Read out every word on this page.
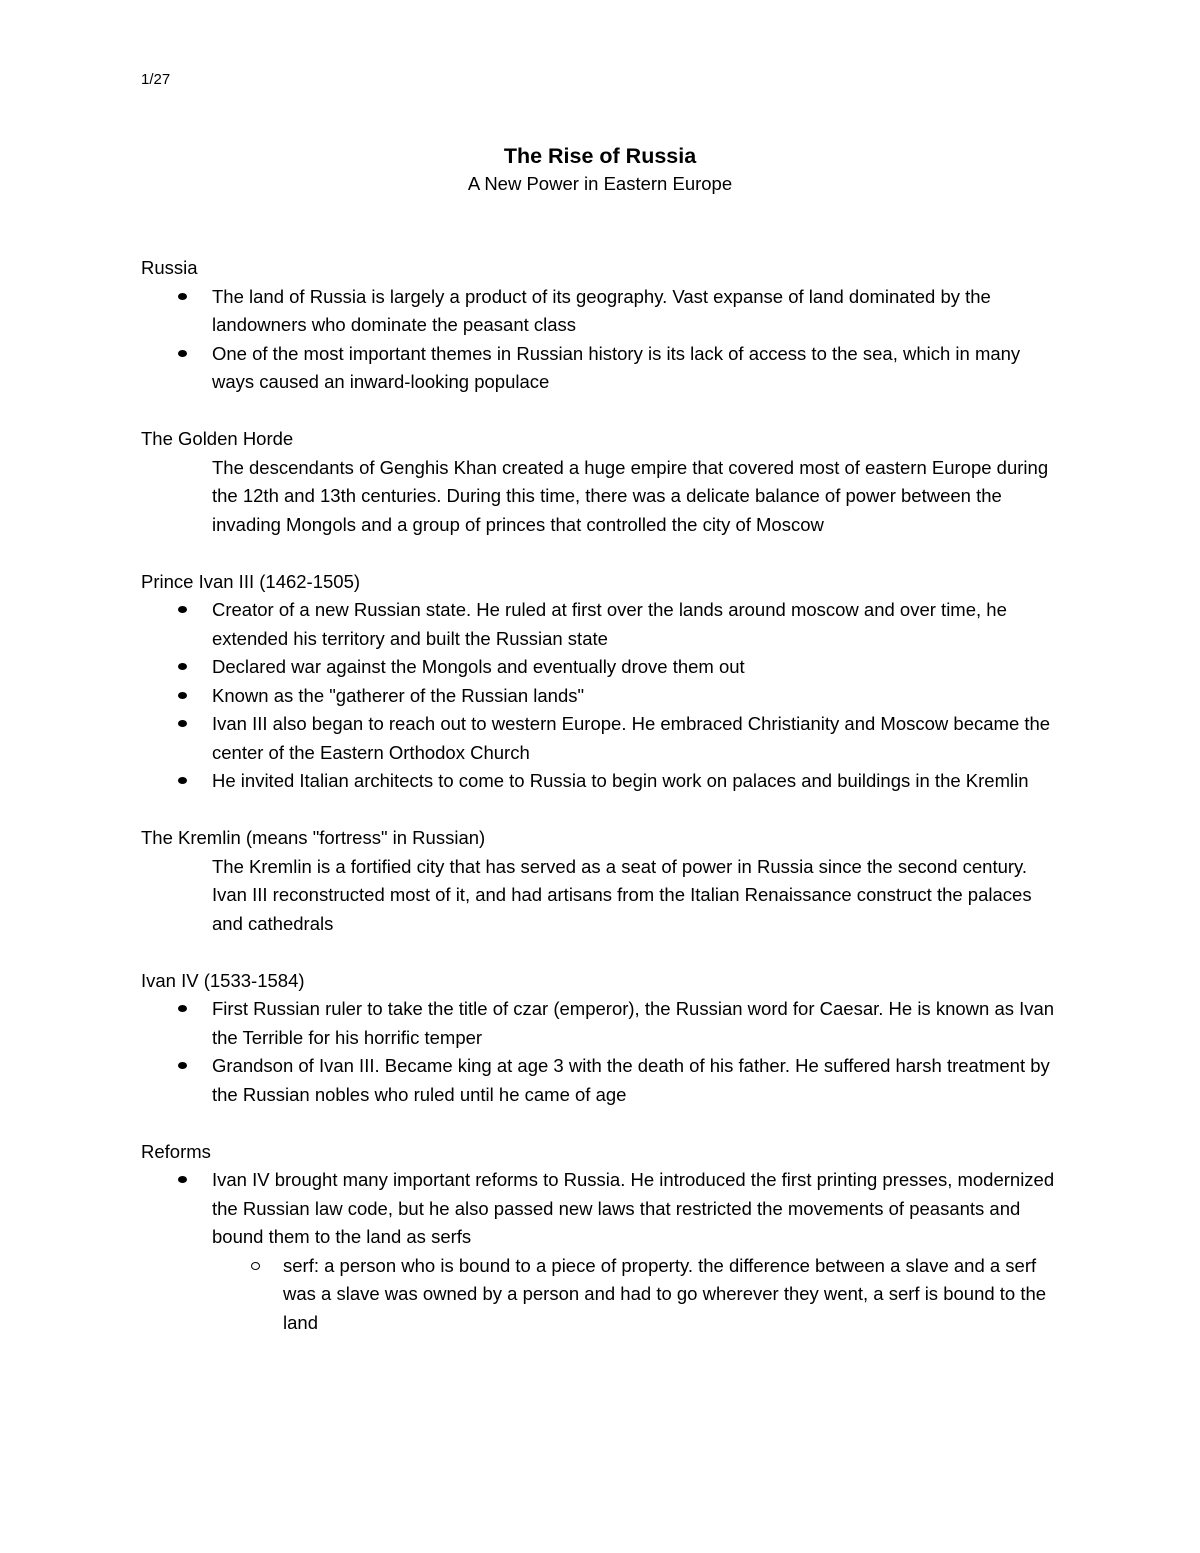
1/27

The Rise of Russia

A New Power in Eastern Europe

Russia

The land of Russia is largely a product of its geography. Vast expanse of land dominated by the landowners who dominate the peasant class
One of the most important themes in Russian history is its lack of access to the sea, which in many ways caused an inward-looking populace

The Golden Horde

The descendants of Genghis Khan created a huge empire that covered most of eastern Europe during the 12th and 13th centuries. During this time, there was a delicate balance of power between the invading Mongols and a group of princes that controlled the city of Moscow

Prince Ivan III (1462-1505)

Creator of a new Russian state. He ruled at first over the lands around moscow and over time, he extended his territory and built the Russian state
Declared war against the Mongols and eventually drove them out
Known as the "gatherer of the Russian lands"
Ivan III also began to reach out to western Europe. He embraced Christianity and Moscow became the center of the Eastern Orthodox Church
He invited Italian architects to come to Russia to begin work on palaces and buildings in the Kremlin

The Kremlin (means "fortress" in Russian)

The Kremlin is a fortified city that has served as a seat of power in Russia since the second century. Ivan III reconstructed most of it, and had artisans from the Italian Renaissance construct the palaces and cathedrals

Ivan IV (1533-1584)

First Russian ruler to take the title of czar (emperor), the Russian word for Caesar. He is known as Ivan the Terrible for his horrific temper
Grandson of Ivan III. Became king at age 3 with the death of his father. He suffered harsh treatment by the Russian nobles who ruled until he came of age

Reforms

Ivan IV brought many important reforms to Russia. He introduced the first printing presses, modernized the Russian law code, but he also passed new laws that restricted the movements of peasants and bound them to the land as serfs
serf: a person who is bound to a piece of property. the difference between a slave and a serf was a slave was owned by a person and had to go wherever they went, a serf is bound to the land
